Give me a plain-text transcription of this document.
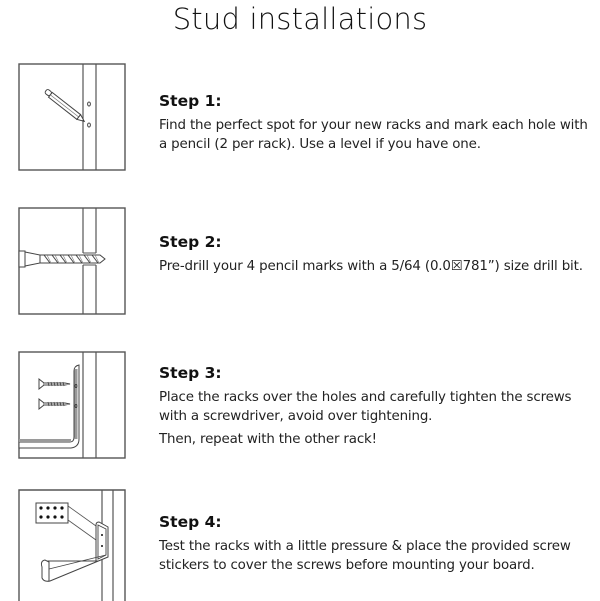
Stud installations

Step 1:

Find the perfect spot for your new racks and mark each hole with a pencil (2 per rack). Use a level if you have one.

Step 2:

Pre-drill your 4 pencil marks with a 5/64 (0.0☒781”) size drill bit.

Step 3:

Place the racks over the holes and carefully tighten the screws with a screwdriver, avoid over tightening.

Then, repeat with the other rack!

Step 4:

Test the racks with a little pressure & place the provided screw stickers to cover the screws before mounting your board.
